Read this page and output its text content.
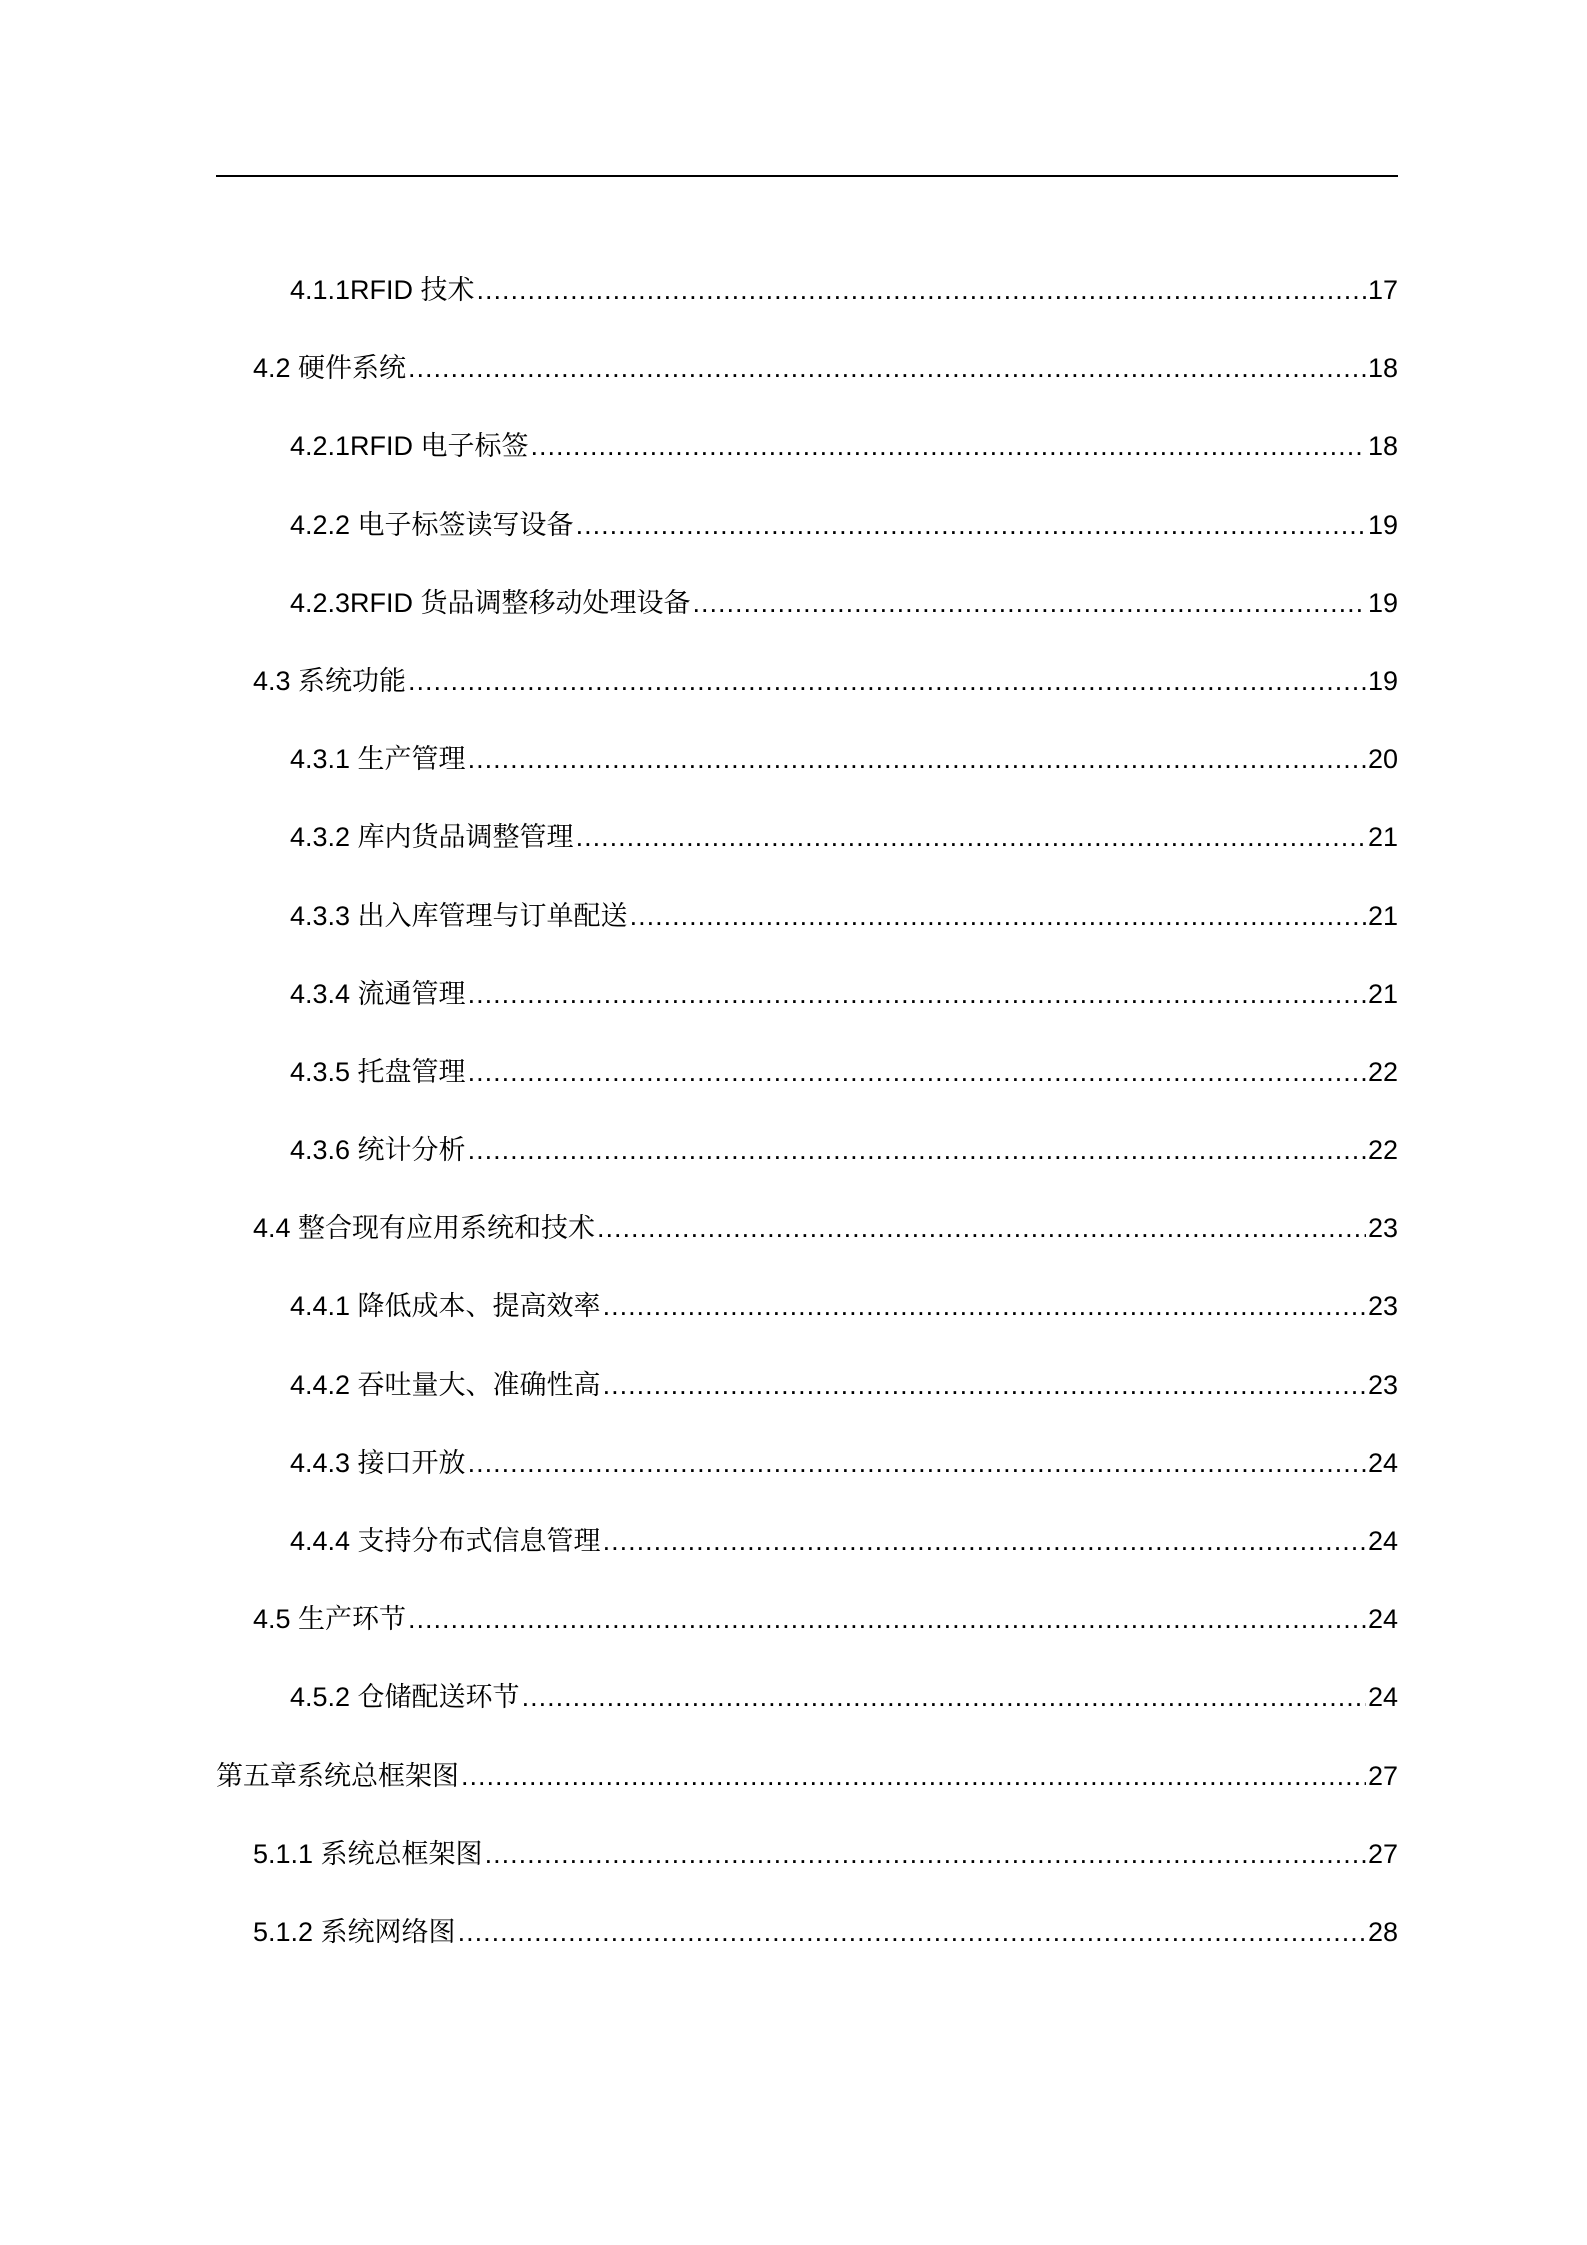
4.1.1RFID 技术 .....	17
4.2 硬件系统 .....	18
4.2.1RFID 电子标签 .....	18
4.2.2 电子标签读写设备 .....	19
4.2.3RFID 货品调整移动处理设备 .....	19
4.3 系统功能 .....	19
4.3.1 生产管理 .....	20
4.3.2 库内货品调整管理 .....	21
4.3.3 出入库管理与订单配送 .....	21
4.3.4 流通管理 .....	21
4.3.5 托盘管理 .....	22
4.3.6 统计分析 .....	22
4.4 整合现有应用系统和技术 .....	23
4.4.1 降低成本、提高效率 .....	23
4.4.2 吞吐量大、准确性高 .....	23
4.4.3 接口开放 .....	24
4.4.4 支持分布式信息管理 .....	24
4.5 生产环节 .....	24
4.5.2 仓储配送环节 .....	24
第五章系统总框架图 .....	27
5.1.1 系统总框架图 .....	27
5.1.2 系统网络图 .....	28
